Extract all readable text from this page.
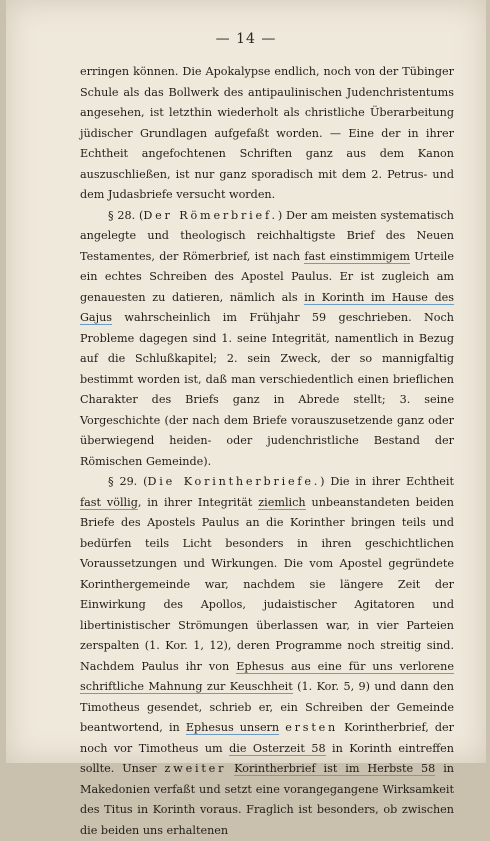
— 14 —

erringen können. Die Apokalypse endlich, noch von der Tübinger Schule als das Bollwerk des antipaulinischen Judenchristentums angesehen, ist letzthin wiederholt als christliche Überarbeitung jüdischer Grundlagen aufgefaßt worden. — Eine der in ihrer Echtheit angefochtenen Schriften ganz aus dem Kanon auszuschließen, ist nur ganz sporadisch mit dem 2. Petrus- und dem Judasbriefe versucht worden.

§ 28. (Der Römerbrief.) Der am meisten systematisch angelegte und theologisch reichhaltigste Brief des Neuen Testamentes, der Römerbrief, ist nach fast einstimmigem Urteile ein echtes Schreiben des Apostel Paulus. Er ist zugleich am genauesten zu datieren, nämlich als in Korinth im Hause des Gajus wahrscheinlich im Frühjahr 59 geschrieben. Noch Probleme dagegen sind 1. seine Integrität, namentlich in Bezug auf die Schlußkapitel; 2. sein Zweck, der so mannigfaltig bestimmt worden ist, daß man verschiedentlich einen brieflichen Charakter des Briefs ganz in Abrede stellt; 3. seine Vorgeschichte (der nach dem Briefe vorauszusetzende ganz oder überwiegend heiden- oder judenchristliche Bestand der Römischen Gemeinde).

§ 29. (Die Korintherbriefe.) Die in ihrer Echtheit fast völlig, in ihrer Integrität ziemlich unbeanstandeten beiden Briefe des Apostels Paulus an die Korinther bringen teils und bedürfen teils Licht besonders in ihren geschichtlichen Voraussetzungen und Wirkungen. Die vom Apostel gegründete Korinthergemeinde war, nachdem sie längere Zeit der Einwirkung des Apollos, judaistischer Agitatoren und libertinistischer Strömungen überlassen war, in vier Parteien zerspalten (1. Kor. 1, 12), deren Programme noch streitig sind. Nachdem Paulus ihr von Ephesus aus eine für uns verlorene schriftliche Mahnung zur Keuschheit (1. Kor. 5, 9) und dann den Timotheus gesendet, schrieb er, ein Schreiben der Gemeinde beantwortend, in Ephesus unsern ersten Korintherbrief, der noch vor Timotheus um die Osterzeit 58 in Korinth eintreffen sollte. Unser zweiter Korintherbrief ist im Herbste 58 in Makedonien verfaßt und setzt eine vorangegangene Wirksamkeit des Titus in Korinth voraus. Fraglich ist besonders, ob zwischen die beiden uns erhaltenen
